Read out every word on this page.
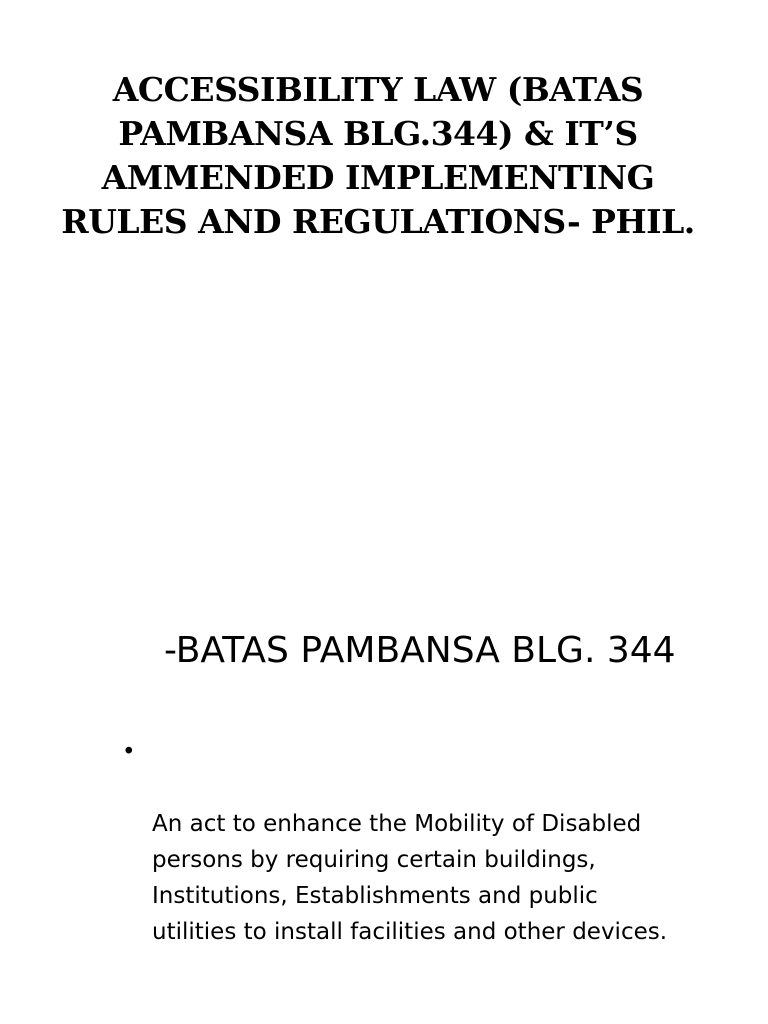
ACCESSIBILITY LAW (BATAS
PAMBANSA BLG.344) & IT’S
AMMENDED IMPLEMENTING
RULES AND REGULATIONS- PHIL.
-BATAS PAMBANSA BLG. 344

•

An act to enhance the Mobility of Disabled
persons by requiring certain buildings,
Institutions, Establishments and public
utilities to install facilities and other devices.
